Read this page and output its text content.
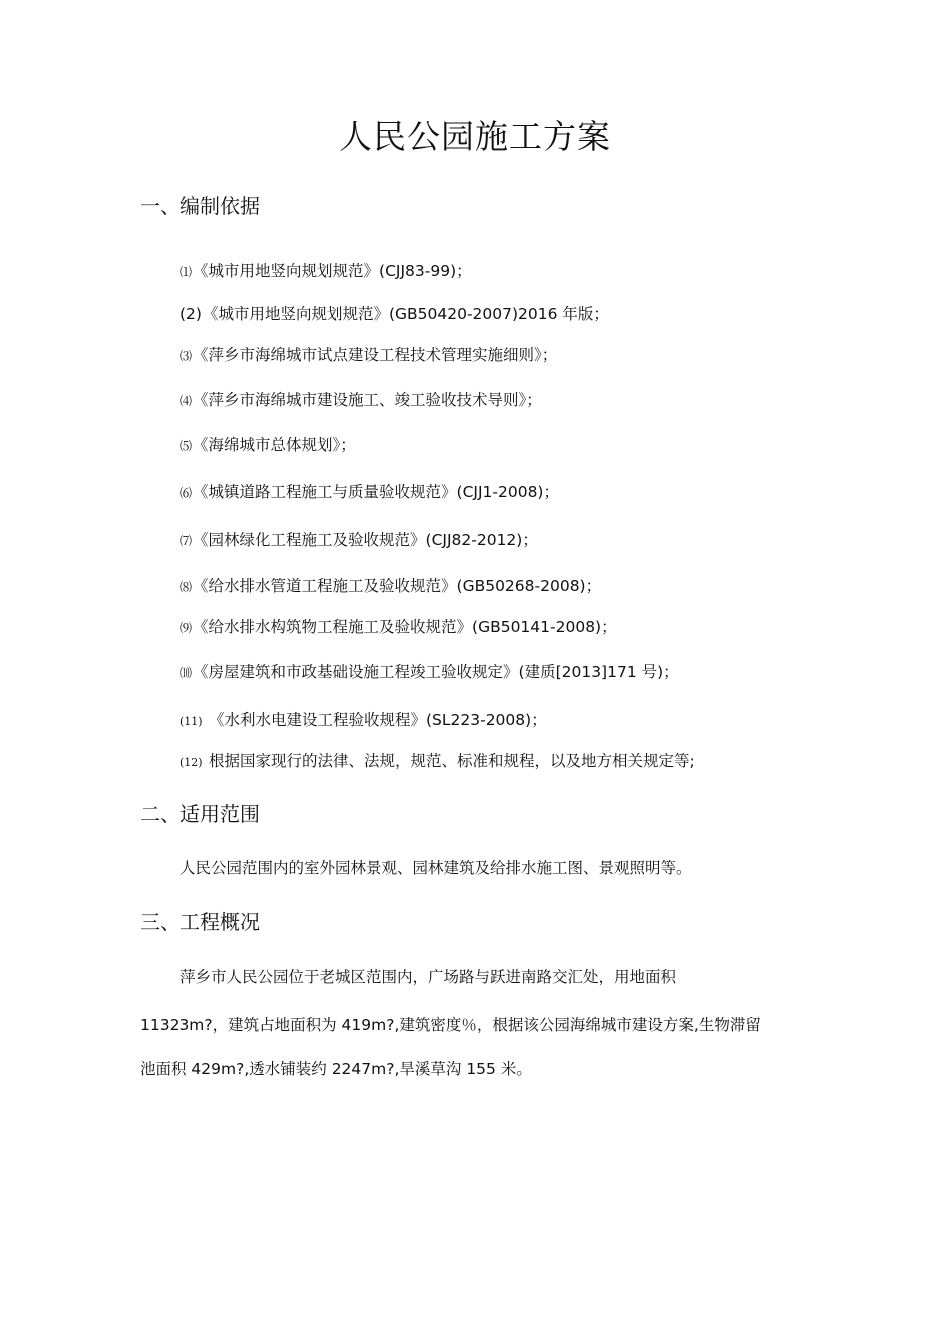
人民公园施工方案
一、编制依据

⑴《城市用地竖向规划规范》(CJJ83-99)；

(2)《城市用地竖向规划规范》(GB50420-2007)2016 年版；

⑶《萍乡市海绵城市试点建设工程技术管理实施细则》；

⑷《萍乡市海绵城市建设施工、竣工验收技术导则》；

⑸《海绵城市总体规划》；

⑹《城镇道路工程施工与质量验收规范》(CJJ1-2008)；

⑺《园林绿化工程施工及验收规范》(CJJ82-2012)；

⑻《给水排水管道工程施工及验收规范》(GB50268-2008)；

⑼《给水排水构筑物工程施工及验收规范》(GB50141-2008)；

⑽《房屋建筑和市政基础设施工程竣工验收规定》(建质[2013]171 号)；

(11) 《水利水电建设工程验收规程》(SL223-2008)；

(12) 根据国家现行的法律、法规，规范、标准和规程，以及地方相关规定等;

二、适用范围
人民公园范围内的室外园林景观、园林建筑及给排水施工图、景观照明等。
三、工程概况
萍乡市人民公园位于老城区范围内，广场路与跃进南路交汇处，用地面积
11323m?，建筑占地面积为 419m?,建筑密度％，根据该公园海绵城市建设方案,生物滞留
池面积 429m?,透水铺装约 2247m?,旱溪草沟 155 米。
